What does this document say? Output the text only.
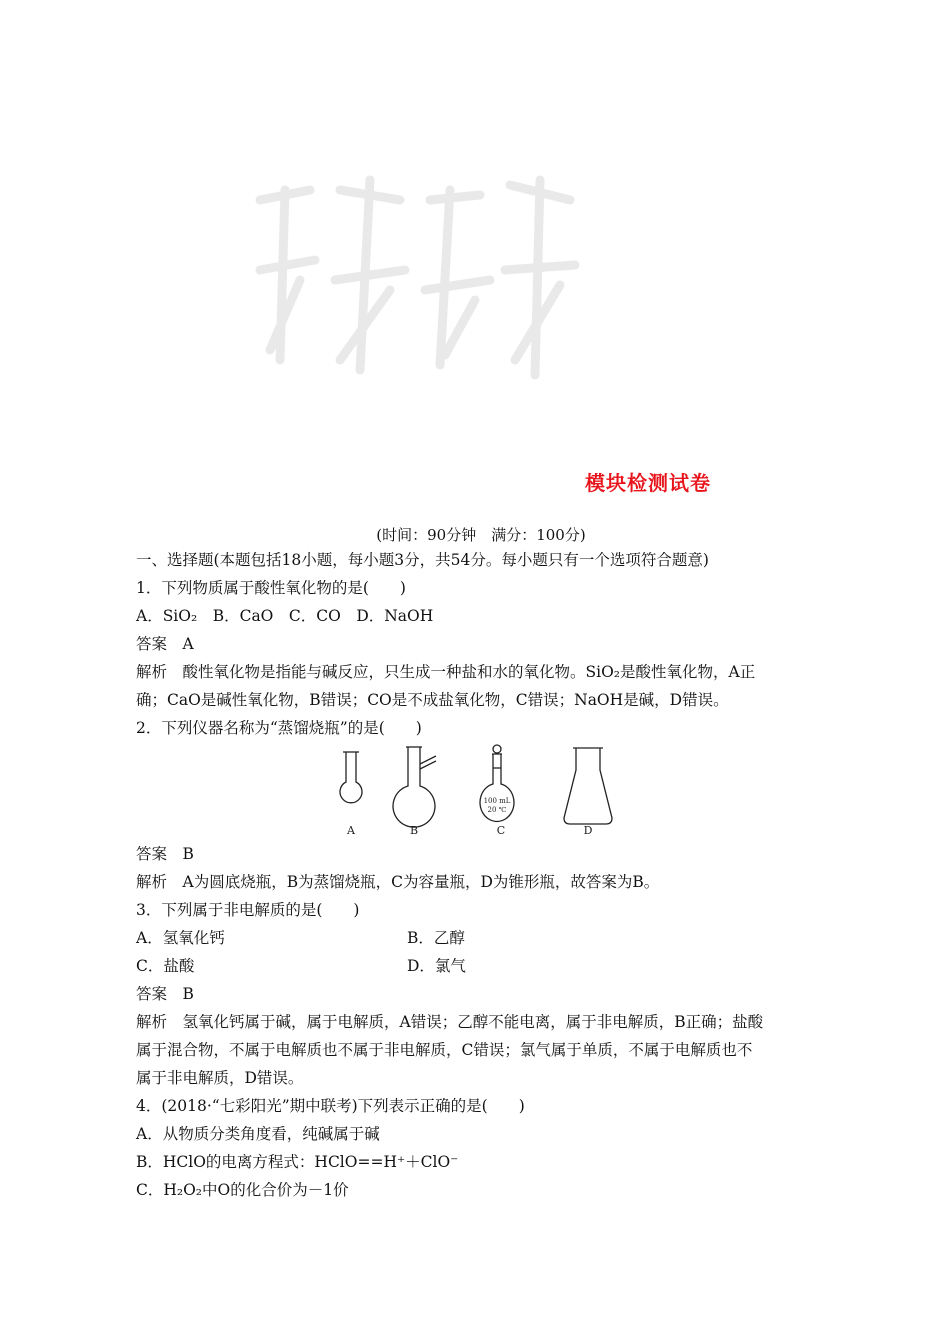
模块检测试卷
(时间：90分钟　满分：100分)
一、选择题(本题包括18小题，每小题3分，共54分。每小题只有一个选项符合题意)
1．下列物质属于酸性氧化物的是(　　)
A．SiO₂　B．CaO　C．CO　D．NaOH
答案　A
解析　酸性氧化物是指能与碱反应，只生成一种盐和水的氧化物。SiO₂是酸性氧化物，A正
确；CaO是碱性氧化物，B错误；CO是不成盐氧化物，C错误；NaOH是碱，D错误。
2．下列仪器名称为“蒸馏烧瓶”的是(　　)
100 mL
20 ℃
A	B	C	D
答案　B
解析　A为圆底烧瓶，B为蒸馏烧瓶，C为容量瓶，D为锥形瓶，故答案为B。
3．下列属于非电解质的是(　　)
A．氢氧化钙	B．乙醇
C．盐酸	D．氯气
答案　B
解析　氢氧化钙属于碱，属于电解质，A错误；乙醇不能电离，属于非电解质，B正确；盐酸
属于混合物，不属于电解质也不属于非电解质，C错误；氯气属于单质，不属于电解质也不
属于非电解质，D错误。
4．(2018·“七彩阳光”期中联考)下列表示正确的是(　　)
A．从物质分类角度看，纯碱属于碱
B．HClO的电离方程式：HClO==H⁺＋ClO⁻
C．H₂O₂中O的化合价为－1价
